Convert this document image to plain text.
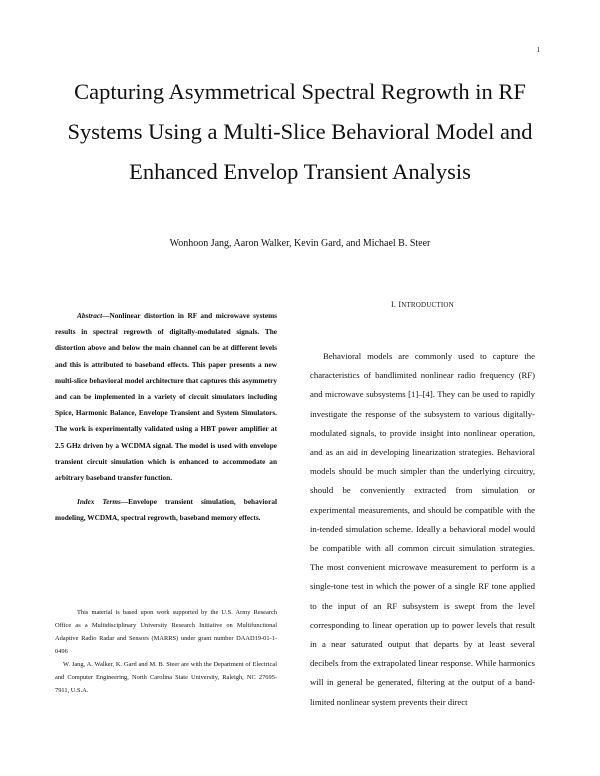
1
Capturing Asymmetrical Spectral Regrowth in RF Systems Using a Multi-Slice Behavioral Model and Enhanced Envelop Transient Analysis
Wonhoon Jang, Aaron Walker, Kevin Gard, and Michael B. Steer

Abstract—Nonlinear distortion in RF and microwave systems results in spectral regrowth of digitally-modulated signals. The distortion above and below the main channel can be at different levels and this is attributed to baseband effects. This paper presents a new multi-slice behavioral model architecture that captures this asymmetry and can be implemented in a variety of circuit simulators including Spice, Harmonic Balance, Envelope Transient and System Simulators. The work is experimentally validated using a HBT power amplifier at 2.5 GHz driven by a WCDMA signal. The model is used with envelope transient circuit simulation which is enhanced to accommodate an arbitrary baseband transfer function.

Index Terms—Envelope transient simulation, behavioral modeling, WCDMA, spectral regrowth, baseband memory effects.

This material is based upon work supported by the U.S. Army Research Office as a Multidisciplinary University Research Initiative on Multifunctional Adaptive Radio Radar and Sensors (MARRS) under grant number DAAD19-01-1-0496

W. Jang, A. Walker, K. Gard and M. B. Steer are with the Department of Electrical and Computer Engineering, North Carolina State University, Raleigh, NC 27695-7911, U.S.A.

I. INTRODUCTION

Behavioral models are commonly used to capture the characteristics of bandlimited nonlinear radio frequency (RF) and microwave subsystems [1]–[4]. They can be used to rapidly investigate the response of the subsystem to various digitally-modulated signals, to provide insight into nonlinear operation, and as an aid in developing linearization strategies. Behavioral models should be much simpler than the underlying circuitry, should be conveniently extracted from simulation or experimental measurements, and should be compatible with the in-tended simulation scheme. Ideally a behavioral model would be compatible with all common circuit simulation strategies. The most convenient microwave measurement to perform is a single-tone test in which the power of a single RF tone applied to the input of an RF subsystem is swept from the level corresponding to linear operation up to power levels that result in a near saturated output that departs by at least several decibels from the extrapolated linear response. While harmonics will in general be generated, filtering at the output of a band-limited nonlinear system prevents their direct
